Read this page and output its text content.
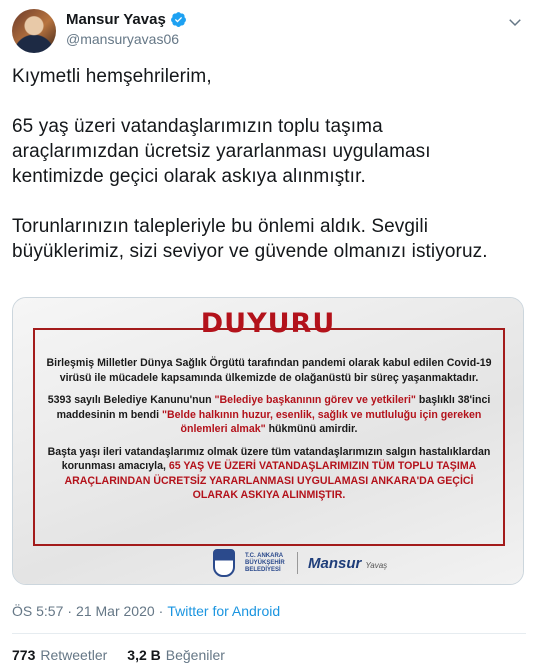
Mansur Yavaş
@mansuryavas06

Kıymetli hemşehrilerim,

65 yaş üzeri vatandaşlarımızın toplu taşıma

araçlarımızdan ücretsiz yararlanması uygulaması

kentimizde geçici olarak askıya alınmıştır.

Torunlarınızın talepleriyle bu önlemi aldık. Sevgili

büyüklerimiz, sizi seviyor ve güvende olmanızı istiyoruz.

DUYURU

Birleşmiş Milletler Dünya Sağlık Örgütü tarafından pandemi olarak kabul edilen Covid-19 virüsü ile mücadele kapsamında ülkemizde de olağanüstü bir süreç yaşanmaktadır.

5393 sayılı Belediye Kanunu'nun "Belediye başkanının görev ve yetkileri" başlıklı 38'inci maddesinin m bendi "Belde halkının huzur, esenlik, sağlık ve mutluluğu için gereken önlemleri almak" hükmünü amirdir.

Başta yaşı ileri vatandaşlarımız olmak üzere tüm vatandaşlarımızın salgın hastalıklardan korunması amacıyla, 65 YAŞ VE ÜZERİ VATANDAŞLARIMIZIN TÜM TOPLU TAŞIMA ARAÇLARINDAN ÜCRETSİZ YARARLANMASI UYGULAMASI ANKARA'DA GEÇİCİ OLARAK ASKIYA ALINMIŞTIR.

T.C. ANKARA BÜYÜKŞEHİR BELEDİYESİ	Mansur Yavaş
ÖS 5:57 · 21 Mar 2020 · Twitter for Android
773 Retweetler 3,2 B Beğeniler
